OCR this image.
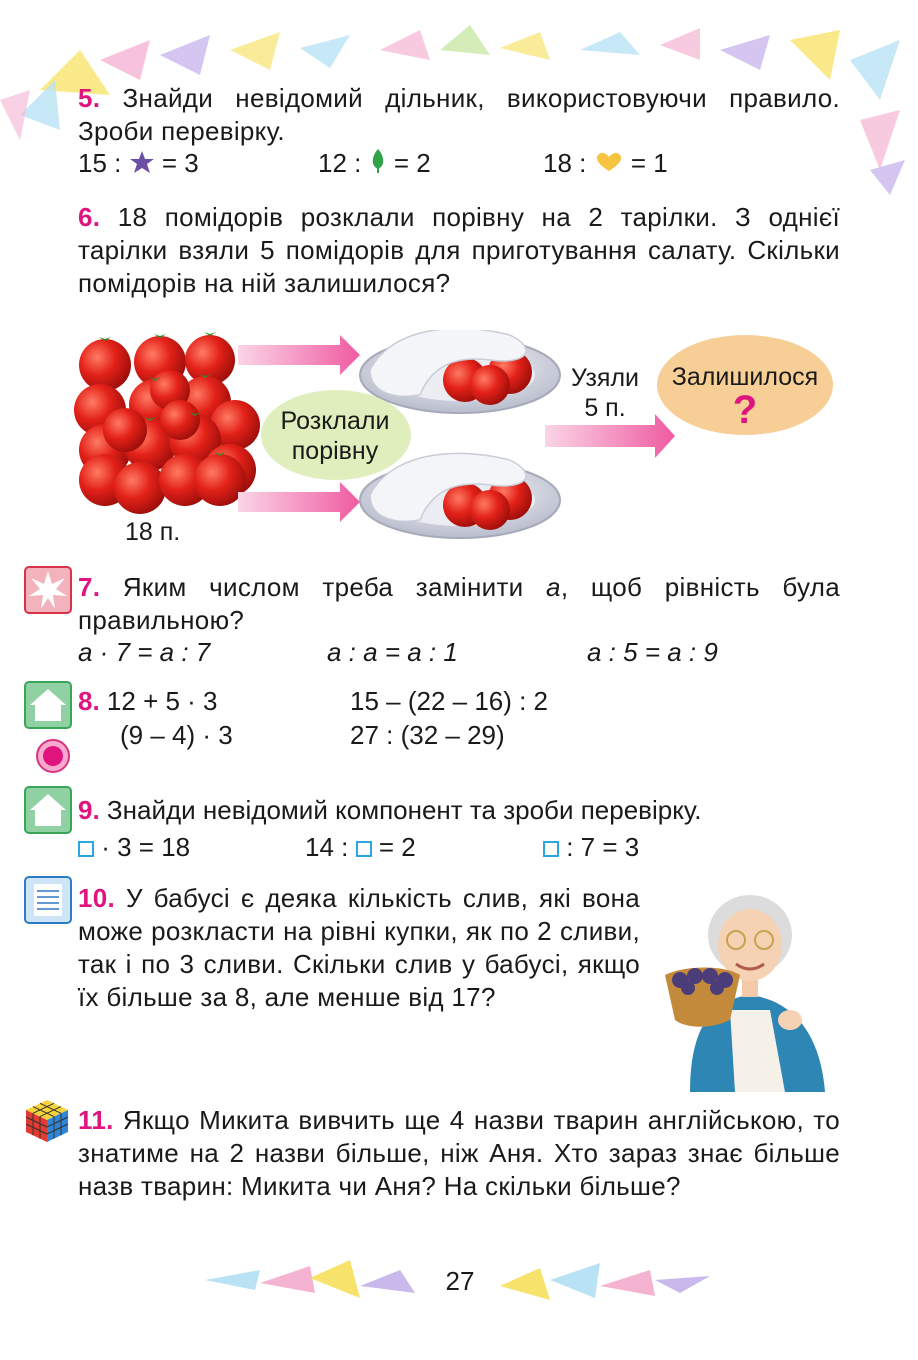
5. Знайди невідомий дільник, використовуючи правило. Зроби перевірку.
15 : = 3	12 : = 2	18 : = 1
6. 18 помідорів розклали порівну на 2 тарілки. З однієї тарілки взяли 5 помідорів для приготування салату. Скільки помідорів на ній залишилося?
Розклали
порівну
Узяли
5 п.
Залишилося
?
18 п.
7. Яким числом треба замінити a, щоб рівність була правильною?
a · 7 = a : 7	a : a = a : 1	a : 5 = a : 9
8. 12 + 5 · 3	15 – (22 – 16) : 2
(9 – 4) · 3	27 : (32 – 29)
9. Знайди невідомий компонент та зроби перевірку.
· 3 = 18	14 : = 2	: 7 = 3
10. У бабусі є деяка кількість слив, які вона може розкласти на рівні купки, як по 2 сливи, так і по 3 сливи. Скільки слив у бабусі, якщо їх більше за 8, але менше від 17?
11. Якщо Микита вивчить ще 4 назви тварин англійською, то знатиме на 2 назви більше, ніж Аня. Хто зараз знає більше назв тварин: Микита чи Аня? На скільки більше?
27
